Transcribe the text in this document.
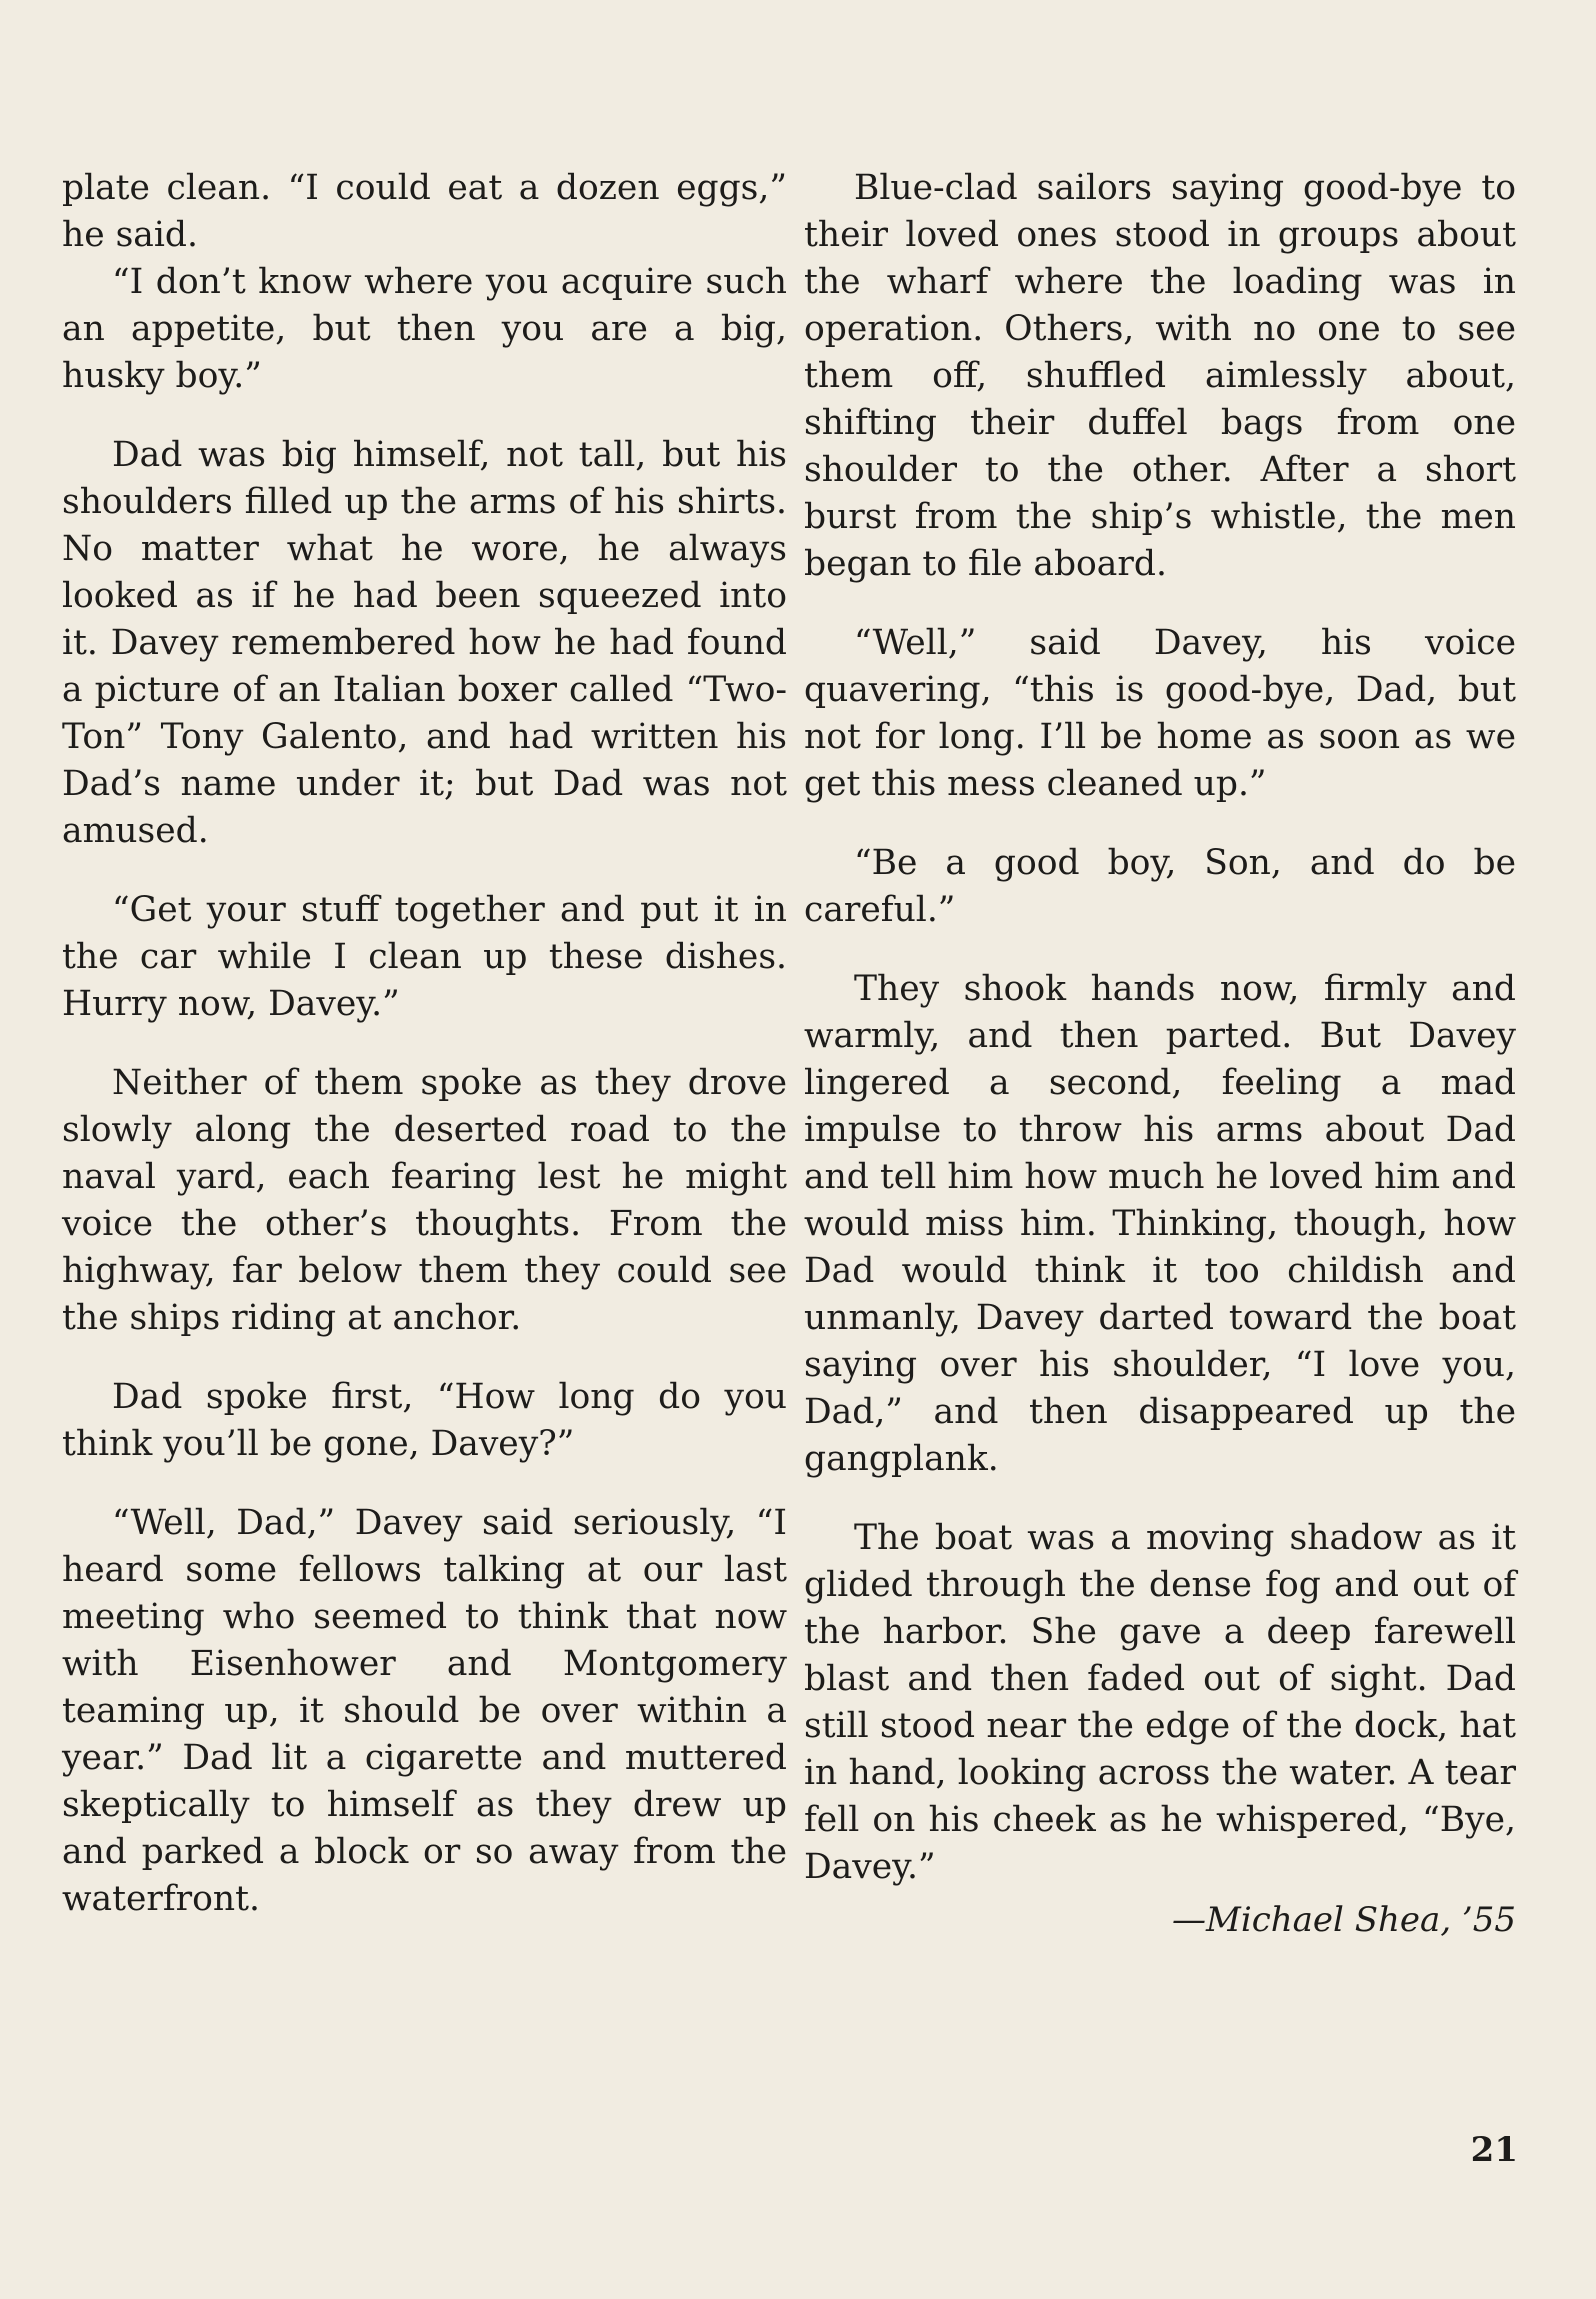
plate clean. “I could eat a dozen eggs,” he said.

“I don’t know where you acquire such an appetite, but then you are a big, husky boy.”

Dad was big himself, not tall, but his shoulders filled up the arms of his shirts. No matter what he wore, he always looked as if he had been squeezed into it. Davey remembered how he had found a picture of an Italian boxer called “Two-Ton” Tony Galento, and had written his Dad’s name under it; but Dad was not amused.

“Get your stuff together and put it in the car while I clean up these dishes. Hurry now, Davey.”

Neither of them spoke as they drove slowly along the deserted road to the naval yard, each fearing lest he might voice the other’s thoughts. From the highway, far below them they could see the ships riding at anchor.

Dad spoke first, “How long do you think you’ll be gone, Davey?”

“Well, Dad,” Davey said seriously, “I heard some fellows talking at our last meeting who seemed to think that now with Eisenhower and Montgomery teaming up, it should be over within a year.” Dad lit a cigarette and muttered skeptically to himself as they drew up and parked a block or so away from the waterfront.

Blue-clad sailors saying good-bye to their loved ones stood in groups about the wharf where the loading was in operation. Others, with no one to see them off, shuffled aimlessly about, shifting their duffel bags from one shoulder to the other. After a short burst from the ship’s whistle, the men began to file aboard.

“Well,” said Davey, his voice quavering, “this is good-bye, Dad, but not for long. I’ll be home as soon as we get this mess cleaned up.”

“Be a good boy, Son, and do be careful.”

They shook hands now, firmly and warmly, and then parted. But Davey lingered a second, feeling a mad impulse to throw his arms about Dad and tell him how much he loved him and would miss him. Thinking, though, how Dad would think it too childish and unmanly, Davey darted toward the boat saying over his shoulder, “I love you, Dad,” and then disappeared up the gangplank.

The boat was a moving shadow as it glided through the dense fog and out of the harbor. She gave a deep farewell blast and then faded out of sight. Dad still stood near the edge of the dock, hat in hand, looking across the water. A tear fell on his cheek as he whispered, “Bye, Davey.”

—Michael Shea, ’55
21
